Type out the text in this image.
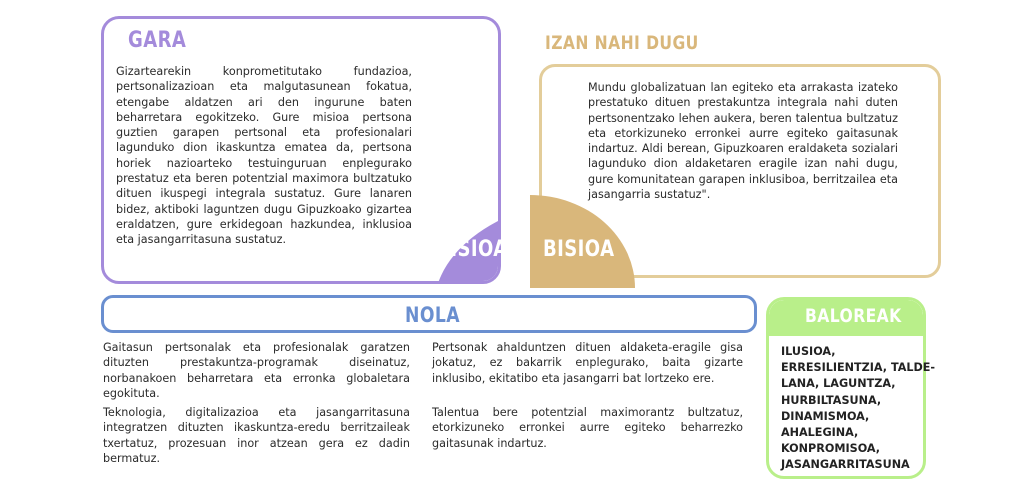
GARA
Gizartearekin konprometitutako fundazioa, pertsonalizazioan eta malgutasunean fokatua, etengabe aldatzen ari den ingurune baten beharretara egokitzeko. Gure misioa pertsona guztien garapen pertsonal eta profesionalari lagunduko dion ikaskuntza ematea da, pertsona horiek nazioarteko testuinguruan enplegurako prestatuz eta beren potentzial maximora bultzatuko dituen ikuspegi integrala sustatuz. Gure lanaren bidez, aktiboki laguntzen dugu Gipuzkoako gizartea eraldatzen, gure erkidegoan hazkundea, inklusioa eta jasangarritasuna sustatuz.	MISIOA
IZAN NAHI DUGU
Mundu globalizatuan lan egiteko eta arrakasta izateko prestatuko dituen prestakuntza integrala nahi duten pertsonentzako lehen aukera, beren talentua bultzatuz eta etorkizuneko erronkei aurre egiteko gaitasunak indartuz. Aldi berean, Gipuzkoaren eraldaketa sozialari lagunduko dion aldaketaren eragile izan nahi dugu, gure komunitatean garapen inklusiboa, berritzailea eta jasangarria sustatuz".
BISIOA
NOLA
Gaitasun pertsonalak eta profesionalak garatzen dituzten prestakuntza-programak diseinatuz, norbanakoen beharretara eta erronka globaletara egokituta.
Teknologia, digitalizazioa eta jasangarritasuna integratzen dituzten ikaskuntza-eredu berritzaileak txertatuz, prozesuan inor atzean gera ez dadin bermatuz.
Pertsonak ahalduntzen dituen aldaketa-eragile gisa jokatuz, ez bakarrik enplegurako, baita gizarte inklusibo, ekitatibo eta jasangarri bat lortzeko ere.
Talentua bere potentzial maximorantz bultzatuz, etorkizuneko erronkei aurre egiteko beharrezko gaitasunak indartuz.
BALOREAK
ILUSIOA,
ERRESILIENTZIA, TALDE-
LANA, LAGUNTZA,
HURBILTASUNA,
DINAMISMOA,
AHALEGINA,
KONPROMISOA,
JASANGARRITASUNA
